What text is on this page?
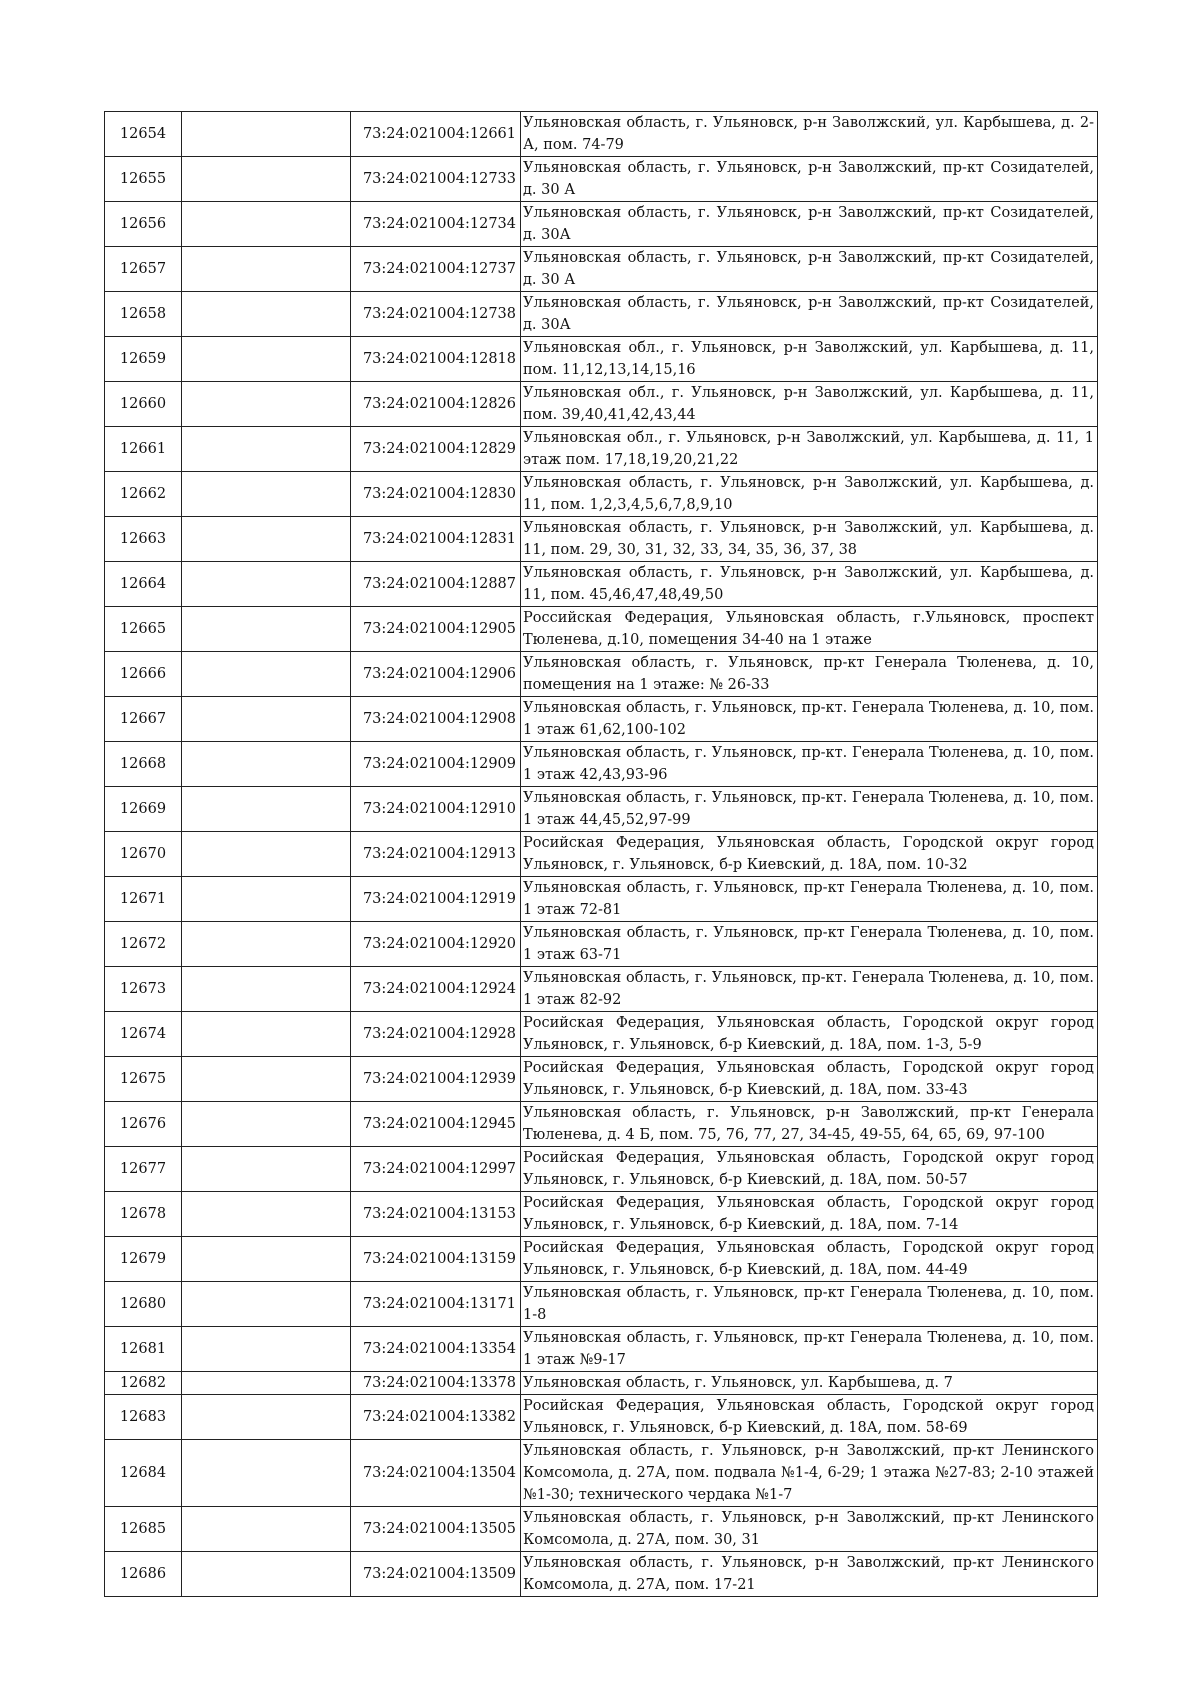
12654		73:24:021004:12661	Ульяновская область, г. Ульяновск, р-н Заволжский, ул. Карбышева, д. 2-А, пом. 74-79
12655		73:24:021004:12733	Ульяновская область, г. Ульяновск, р-н Заволжский, пр-кт Созидателей, д. 30 А
12656		73:24:021004:12734	Ульяновская область, г. Ульяновск, р-н Заволжский, пр-кт Созидателей, д. 30А
12657		73:24:021004:12737	Ульяновская область, г. Ульяновск, р-н Заволжский, пр-кт Созидателей, д. 30 А
12658		73:24:021004:12738	Ульяновская область, г. Ульяновск, р-н Заволжский, пр-кт Созидателей, д. 30А
12659		73:24:021004:12818	Ульяновская обл., г. Ульяновск, р-н Заволжский, ул. Карбышева, д. 11, пом. 11,12,13,14,15,16
12660		73:24:021004:12826	Ульяновская обл., г. Ульяновск, р-н Заволжский, ул. Карбышева, д. 11, пом. 39,40,41,42,43,44
12661		73:24:021004:12829	Ульяновская обл., г. Ульяновск, р-н Заволжский, ул. Карбышева, д. 11, 1 этаж пом. 17,18,19,20,21,22
12662		73:24:021004:12830	Ульяновская область, г. Ульяновск, р-н Заволжский, ул. Карбышева, д. 11, пом. 1,2,3,4,5,6,7,8,9,10
12663		73:24:021004:12831	Ульяновская область, г. Ульяновск, р-н Заволжский, ул. Карбышева, д. 11, пом. 29, 30, 31, 32, 33, 34, 35, 36, 37, 38
12664		73:24:021004:12887	Ульяновская область, г. Ульяновск, р-н Заволжский, ул. Карбышева, д. 11, пом. 45,46,47,48,49,50
12665		73:24:021004:12905	Российская Федерация, Ульяновская область, г.Ульяновск, проспект Тюленева, д.10, помещения 34-40 на 1 этаже
12666		73:24:021004:12906	Ульяновская область, г. Ульяновск, пр-кт Генерала Тюленева, д. 10, помещения на 1 этаже: № 26-33
12667		73:24:021004:12908	Ульяновская область, г. Ульяновск, пр-кт. Генерала Тюленева, д. 10, пом. 1 этаж 61,62,100-102
12668		73:24:021004:12909	Ульяновская область, г. Ульяновск, пр-кт. Генерала Тюленева, д. 10, пом. 1 этаж 42,43,93-96
12669		73:24:021004:12910	Ульяновская область, г. Ульяновск, пр-кт. Генерала Тюленева, д. 10, пом. 1 этаж 44,45,52,97-99
12670		73:24:021004:12913	Росийская Федерация, Ульяновская область, Городской округ город Ульяновск, г. Ульяновск, б-р Киевский, д. 18А, пом. 10-32
12671		73:24:021004:12919	Ульяновская область, г. Ульяновск, пр-кт Генерала Тюленева, д. 10, пом. 1 этаж 72-81
12672		73:24:021004:12920	Ульяновская область, г. Ульяновск, пр-кт Генерала Тюленева, д. 10, пом. 1 этаж 63-71
12673		73:24:021004:12924	Ульяновская область, г. Ульяновск, пр-кт. Генерала Тюленева, д. 10, пом. 1 этаж 82-92
12674		73:24:021004:12928	Росийская Федерация, Ульяновская область, Городской округ город Ульяновск, г. Ульяновск, б-р Киевский, д. 18А, пом. 1-3, 5-9
12675		73:24:021004:12939	Росийская Федерация, Ульяновская область, Городской округ город Ульяновск, г. Ульяновск, б-р Киевский, д. 18А, пом. 33-43
12676		73:24:021004:12945	Ульяновская область, г. Ульяновск, р-н Заволжский, пр-кт Генерала Тюленева, д. 4 Б, пом. 75, 76, 77, 27, 34-45, 49-55, 64, 65, 69, 97-100
12677		73:24:021004:12997	Росийская Федерация, Ульяновская область, Городской округ город Ульяновск, г. Ульяновск, б-р Киевский, д. 18А, пом. 50-57
12678		73:24:021004:13153	Росийская Федерация, Ульяновская область, Городской округ город Ульяновск, г. Ульяновск, б-р Киевский, д. 18А, пом. 7-14
12679		73:24:021004:13159	Росийская Федерация, Ульяновская область, Городской округ город Ульяновск, г. Ульяновск, б-р Киевский, д. 18А, пом. 44-49
12680		73:24:021004:13171	Ульяновская область, г. Ульяновск, пр-кт Генерала Тюленева, д. 10, пом. 1-8
12681		73:24:021004:13354	Ульяновская область, г. Ульяновск, пр-кт Генерала Тюленева, д. 10, пом. 1 этаж №9-17
12682		73:24:021004:13378	Ульяновская область, г. Ульяновск, ул. Карбышева, д. 7
12683		73:24:021004:13382	Росийская Федерация, Ульяновская область, Городской округ город Ульяновск, г. Ульяновск, б-р Киевский, д. 18А, пом. 58-69
12684		73:24:021004:13504	Ульяновская область, г. Ульяновск, р-н Заволжский, пр-кт Ленинского Комсомола, д. 27А, пом. подвала №1-4, 6-29; 1 этажа №27-83; 2-10 этажей №1-30; технического чердака №1-7
12685		73:24:021004:13505	Ульяновская область, г. Ульяновск, р-н Заволжский, пр-кт Ленинского Комсомола, д. 27А, пом. 30, 31
12686		73:24:021004:13509	Ульяновская область, г. Ульяновск, р-н Заволжский, пр-кт Ленинского Комсомола, д. 27А, пом. 17-21
